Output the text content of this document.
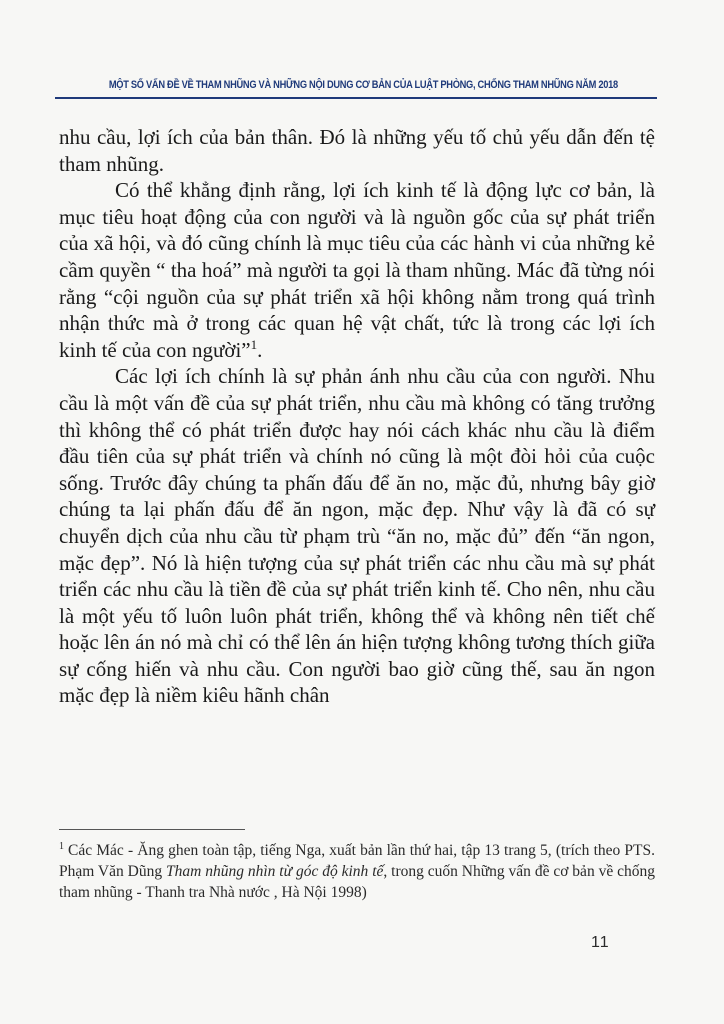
MỘT SỐ VẤN ĐỀ VỀ THAM NHŨNG VÀ NHỮNG NỘI DUNG CƠ BẢN CỦA LUẬT PHÒNG, CHỐNG THAM NHŨNG NĂM 2018

nhu cầu, lợi ích của bản thân. Đó là những yếu tố chủ yếu dẫn đến tệ tham nhũng.

Có thể khẳng định rằng, lợi ích kinh tế là động lực cơ bản, là mục tiêu hoạt động của con người và là nguồn gốc của sự phát triển của xã hội, và đó cũng chính là mục tiêu của các hành vi của những kẻ cầm quyền “ tha hoá” mà người ta gọi là tham nhũng. Mác đã từng nói rằng “cội nguồn của sự phát triển xã hội không nằm trong quá trình nhận thức mà ở trong các quan hệ vật chất, tức là trong các lợi ích kinh tế của con người”$^1$.

Các lợi ích chính là sự phản ánh nhu cầu của con người. Nhu cầu là một vấn đề của sự phát triển, nhu cầu mà không có tăng trưởng thì không thể có phát triển được hay nói cách khác nhu cầu là điểm đầu tiên của sự phát triển và chính nó cũng là một đòi hỏi của cuộc sống. Trước đây chúng ta phấn đấu để ăn no, mặc đủ, nhưng bây giờ chúng ta lại phấn đấu để ăn ngon, mặc đẹp. Như vậy là đã có sự chuyển dịch của nhu cầu từ phạm trù “ăn no, mặc đủ” đến “ăn ngon, mặc đẹp”. Nó là hiện tượng của sự phát triển các nhu cầu mà sự phát triển các nhu cầu là tiền đề của sự phát triển kinh tế. Cho nên, nhu cầu là một yếu tố luôn luôn phát triển, không thể và không nên tiết chế hoặc lên án nó mà chỉ có thể lên án hiện tượng không tương thích giữa sự cống hiến và nhu cầu. Con người bao giờ cũng thế, sau ăn ngon mặc đẹp là niềm kiêu hãnh chân

$^1$ Các Mác - Ăng ghen toàn tập, tiếng Nga, xuất bản lần thứ hai, tập 13 trang 5, (trích theo PTS. Phạm Văn Dũng Tham nhũng nhìn từ góc độ kinh tế, trong cuốn Những vấn đề cơ bản về chống tham nhũng - Thanh tra Nhà nước , Hà Nội 1998)

11
